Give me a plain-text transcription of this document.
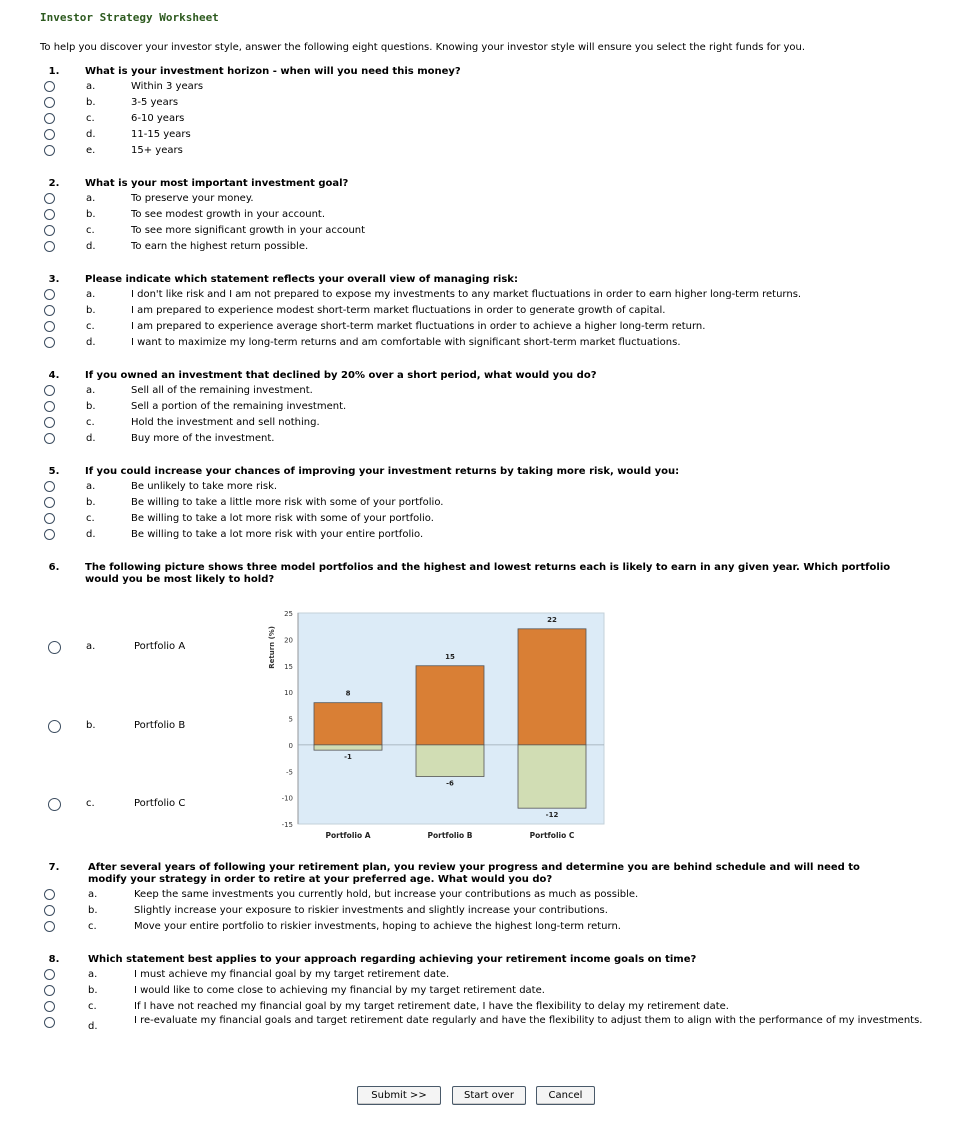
Investor Strategy Worksheet
To help you discover your investor style, answer the following eight questions. Knowing your investor style will ensure you select the right funds for you.
1.	What is your investment horizon - when will you need this money?
a.	Within 3 years
b.	3-5 years
c.	6-10 years
d.	11-15 years
e.	15+ years
2.	What is your most important investment goal?
a.	To preserve your money.
b.	To see modest growth in your account.
c.	To see more significant growth in your account
d.	To earn the highest return possible.
3.	Please indicate which statement reflects your overall view of managing risk:
a.	I don't like risk and I am not prepared to expose my investments to any market fluctuations in order to earn higher long-term returns.
b.	I am prepared to experience modest short-term market fluctuations in order to generate growth of capital.
c.	I am prepared to experience average short-term market fluctuations in order to achieve a higher long-term return.
d.	I want to maximize my long-term returns and am comfortable with significant short-term market fluctuations.
4.	If you owned an investment that declined by 20% over a short period, what would you do?
a.	Sell all of the remaining investment.
b.	Sell a portion of the remaining investment.
c.	Hold the investment and sell nothing.
d.	Buy more of the investment.
5.	If you could increase your chances of improving your investment returns by taking more risk, would you:
a.	Be unlikely to take more risk.
b.	Be willing to take a little more risk with some of your portfolio.
c.	Be willing to take a lot more risk with some of your portfolio.
d.	Be willing to take a lot more risk with your entire portfolio.
6.	The following picture shows three model portfolios and the highest and lowest returns each is likely to earn in any given year. Which portfolio would you be most likely to hold?
a.	Portfolio A
b.	Portfolio B
c.	Portfolio C
7.	After several years of following your retirement plan, you review your progress and determine you are behind schedule and will need to modify your strategy in order to retire at your preferred age. What would you do?
a.	Keep the same investments you currently hold, but increase your contributions as much as possible.
b.	Slightly increase your exposure to riskier investments and slightly increase your contributions.
c.	Move your entire portfolio to riskier investments, hoping to achieve the highest long-term return.
8.	Which statement best applies to your approach regarding achieving your retirement income goals on time?
a.	I must achieve my financial goal by my target retirement date.
b.	I would like to come close to achieving my financial by my target retirement date.
c.	If I have not reached my financial goal by my target retirement date, I have the flexibility to delay my retirement date.
d.
I re-evaluate my financial goals and target retirement date regularly and have the flexibility to adjust them to align with the performance of my investments.
25
20
15
10
5
0
-5
-10
-15
Return (%)
8
-1
Portfolio A
15
-6
Portfolio B
22
-12
Portfolio C
Submit >>	Start over	Cancel
